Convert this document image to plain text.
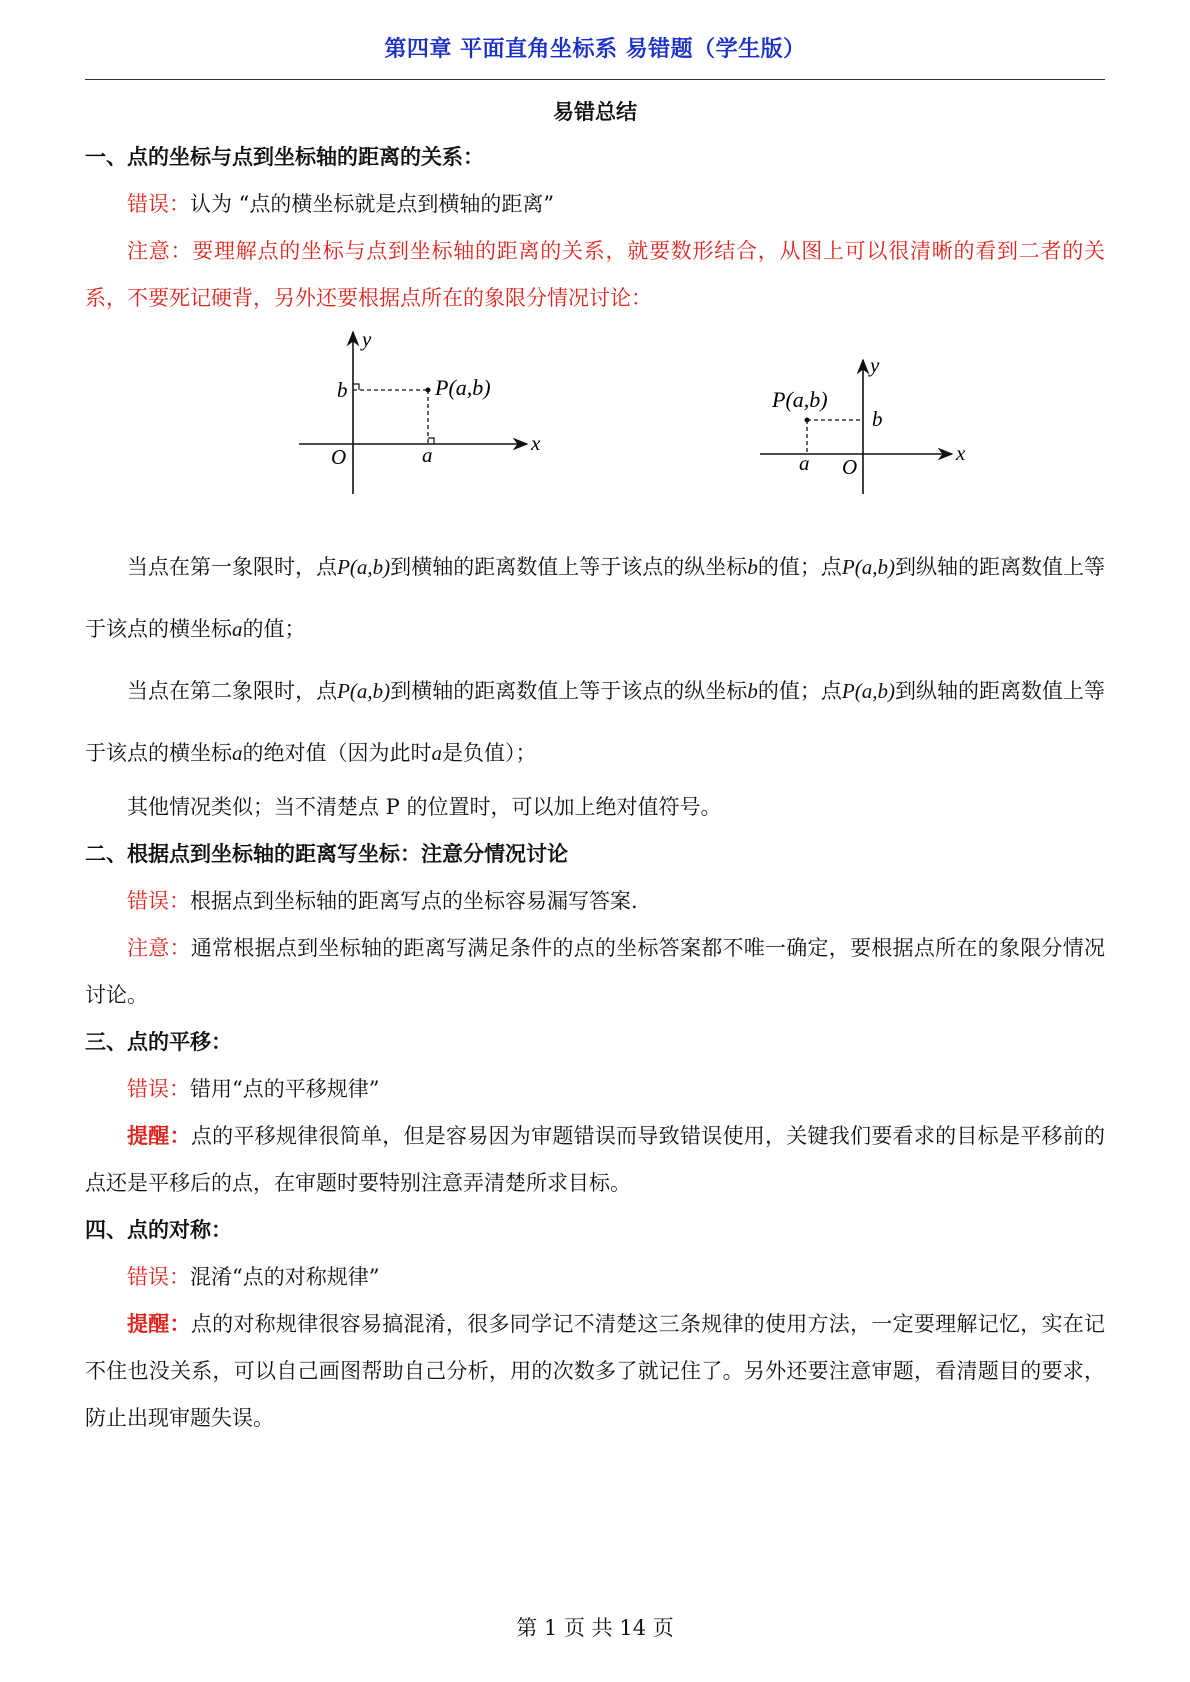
第四章 平面直角坐标系 易错题（学生版）
易错总结
一、点的坐标与点到坐标轴的距离的关系：

错误：认为 “点的横坐标就是点到横轴的距离”

注意：要理解点的坐标与点到坐标轴的距离的关系，就要数形结合，从图上可以很清晰的看到二者的关系，不要死记硬背，另外还要根据点所在的象限分情况讨论：

y
x
O
b
a
P(a,b)
y
x
O
b
a
P(a,b)

当点在第一象限时，点P(a,b)到横轴的距离数值上等于该点的纵坐标b的值；点P(a,b)到纵轴的距离数值上等于该点的横坐标a的值；

当点在第二象限时，点P(a,b)到横轴的距离数值上等于该点的纵坐标b的值；点P(a,b)到纵轴的距离数值上等于该点的横坐标a的绝对值（因为此时a是负值）；

其他情况类似；当不清楚点 P 的位置时，可以加上绝对值符号。

二、根据点到坐标轴的距离写坐标：注意分情况讨论

错误：根据点到坐标轴的距离写点的坐标容易漏写答案.

注意：通常根据点到坐标轴的距离写满足条件的点的坐标答案都不唯一确定，要根据点所在的象限分情况讨论。

三、点的平移：

错误：错用“点的平移规律”

提醒：点的平移规律很简单，但是容易因为审题错误而导致错误使用，关键我们要看求的目标是平移前的点还是平移后的点，在审题时要特别注意弄清楚所求目标。

四、点的对称：

错误：混淆“点的对称规律”

提醒：点的对称规律很容易搞混淆，很多同学记不清楚这三条规律的使用方法，一定要理解记忆，实在记不住也没关系，可以自己画图帮助自己分析，用的次数多了就记住了。另外还要注意审题，看清题目的要求，防止出现审题失误。

第 1 页 共 14 页
